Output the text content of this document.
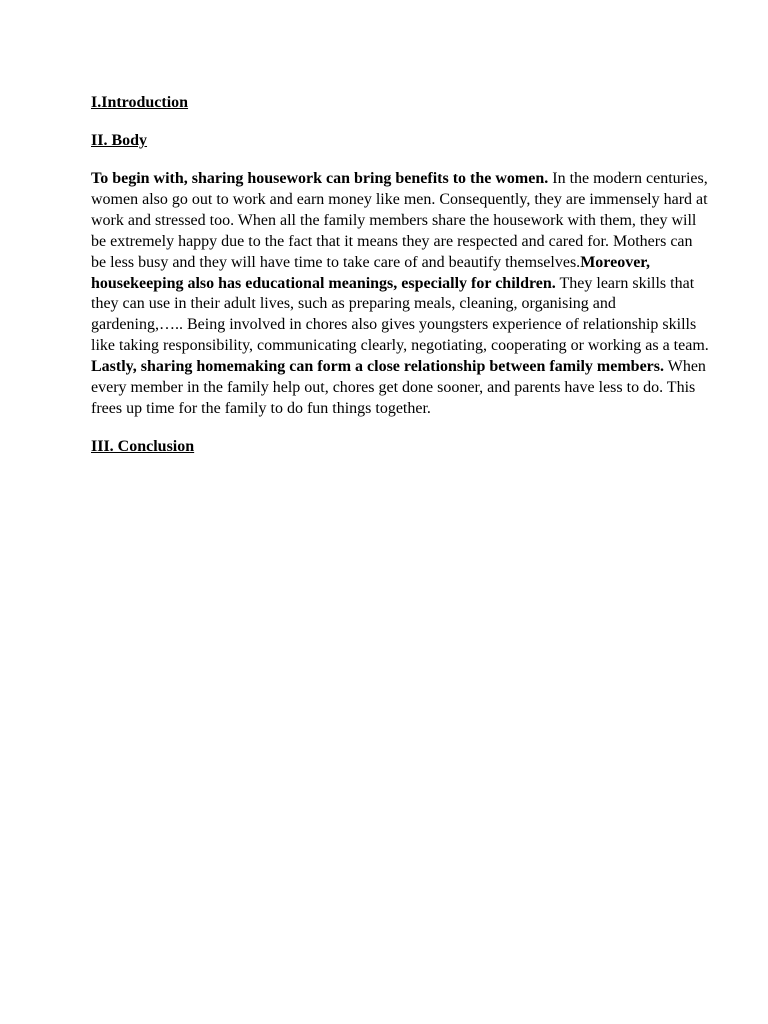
I.Introduction

II. Body

To begin with, sharing housework can bring benefits to the women. In the modern centuries, women also go out to work and earn money like men. Consequently, they are immensely hard at work and stressed too. When all the family members share the housework with them, they will be extremely happy due to the fact that it means they are respected and cared for. Mothers can be less busy and they will have time to take care of and beautify themselves.Moreover, housekeeping also has educational meanings, especially for children. They learn skills that they can use in their adult lives, such as preparing meals, cleaning, organising and gardening,….. Being involved in chores also gives youngsters experience of relationship skills like taking responsibility, communicating clearly, negotiating, cooperating or working as a team. Lastly, sharing homemaking can form a close relationship between family members. When every member in the family help out, chores get done sooner, and parents have less to do. This frees up time for the family to do fun things together.

III. Conclusion
